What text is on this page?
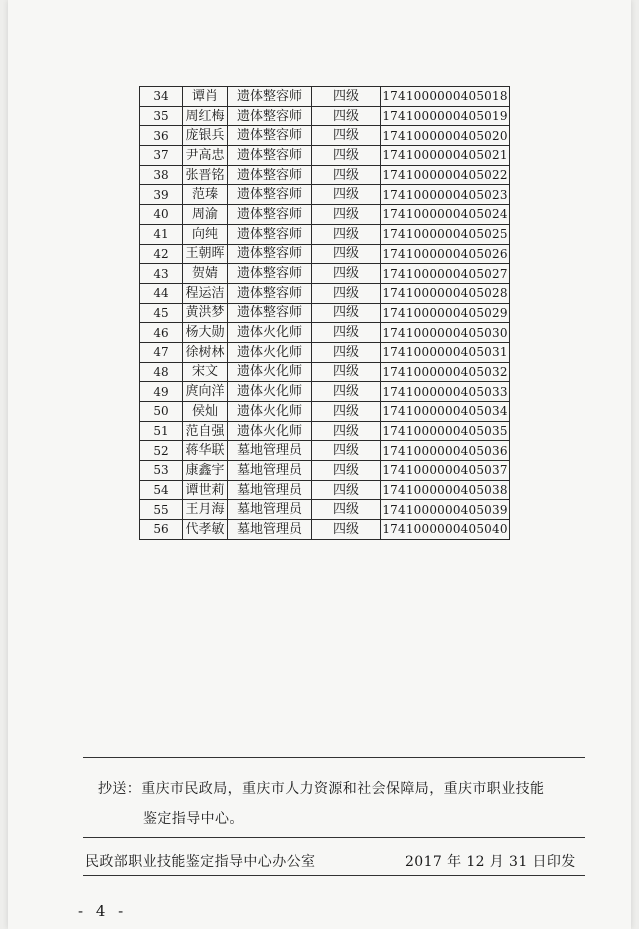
34	谭肖	遗体整容师	四级	1741000000405018
35	周红梅	遗体整容师	四级	1741000000405019
36	庞银兵	遗体整容师	四级	1741000000405020
37	尹高忠	遗体整容师	四级	1741000000405021
38	张晋铭	遗体整容师	四级	1741000000405022
39	范瑧	遗体整容师	四级	1741000000405023
40	周渝	遗体整容师	四级	1741000000405024
41	向纯	遗体整容师	四级	1741000000405025
42	王朝晖	遗体整容师	四级	1741000000405026
43	贺婧	遗体整容师	四级	1741000000405027
44	程运洁	遗体整容师	四级	1741000000405028
45	黄洪梦	遗体整容师	四级	1741000000405029
46	杨大勋	遗体火化师	四级	1741000000405030
47	徐树林	遗体火化师	四级	1741000000405031
48	宋文	遗体火化师	四级	1741000000405032
49	庹向洋	遗体火化师	四级	1741000000405033
50	侯灿	遗体火化师	四级	1741000000405034
51	范自强	遗体火化师	四级	1741000000405035
52	蒋华联	墓地管理员	四级	1741000000405036
53	康鑫宇	墓地管理员	四级	1741000000405037
54	谭世莉	墓地管理员	四级	1741000000405038
55	王月海	墓地管理员	四级	1741000000405039
56	代孝敏	墓地管理员	四级	1741000000405040
抄送：重庆市民政局，重庆市人力资源和社会保障局，重庆市职业技能
鉴定指导中心。
民政部职业技能鉴定指导中心办公室	2017 年 12 月 31 日印发
- 4 -
